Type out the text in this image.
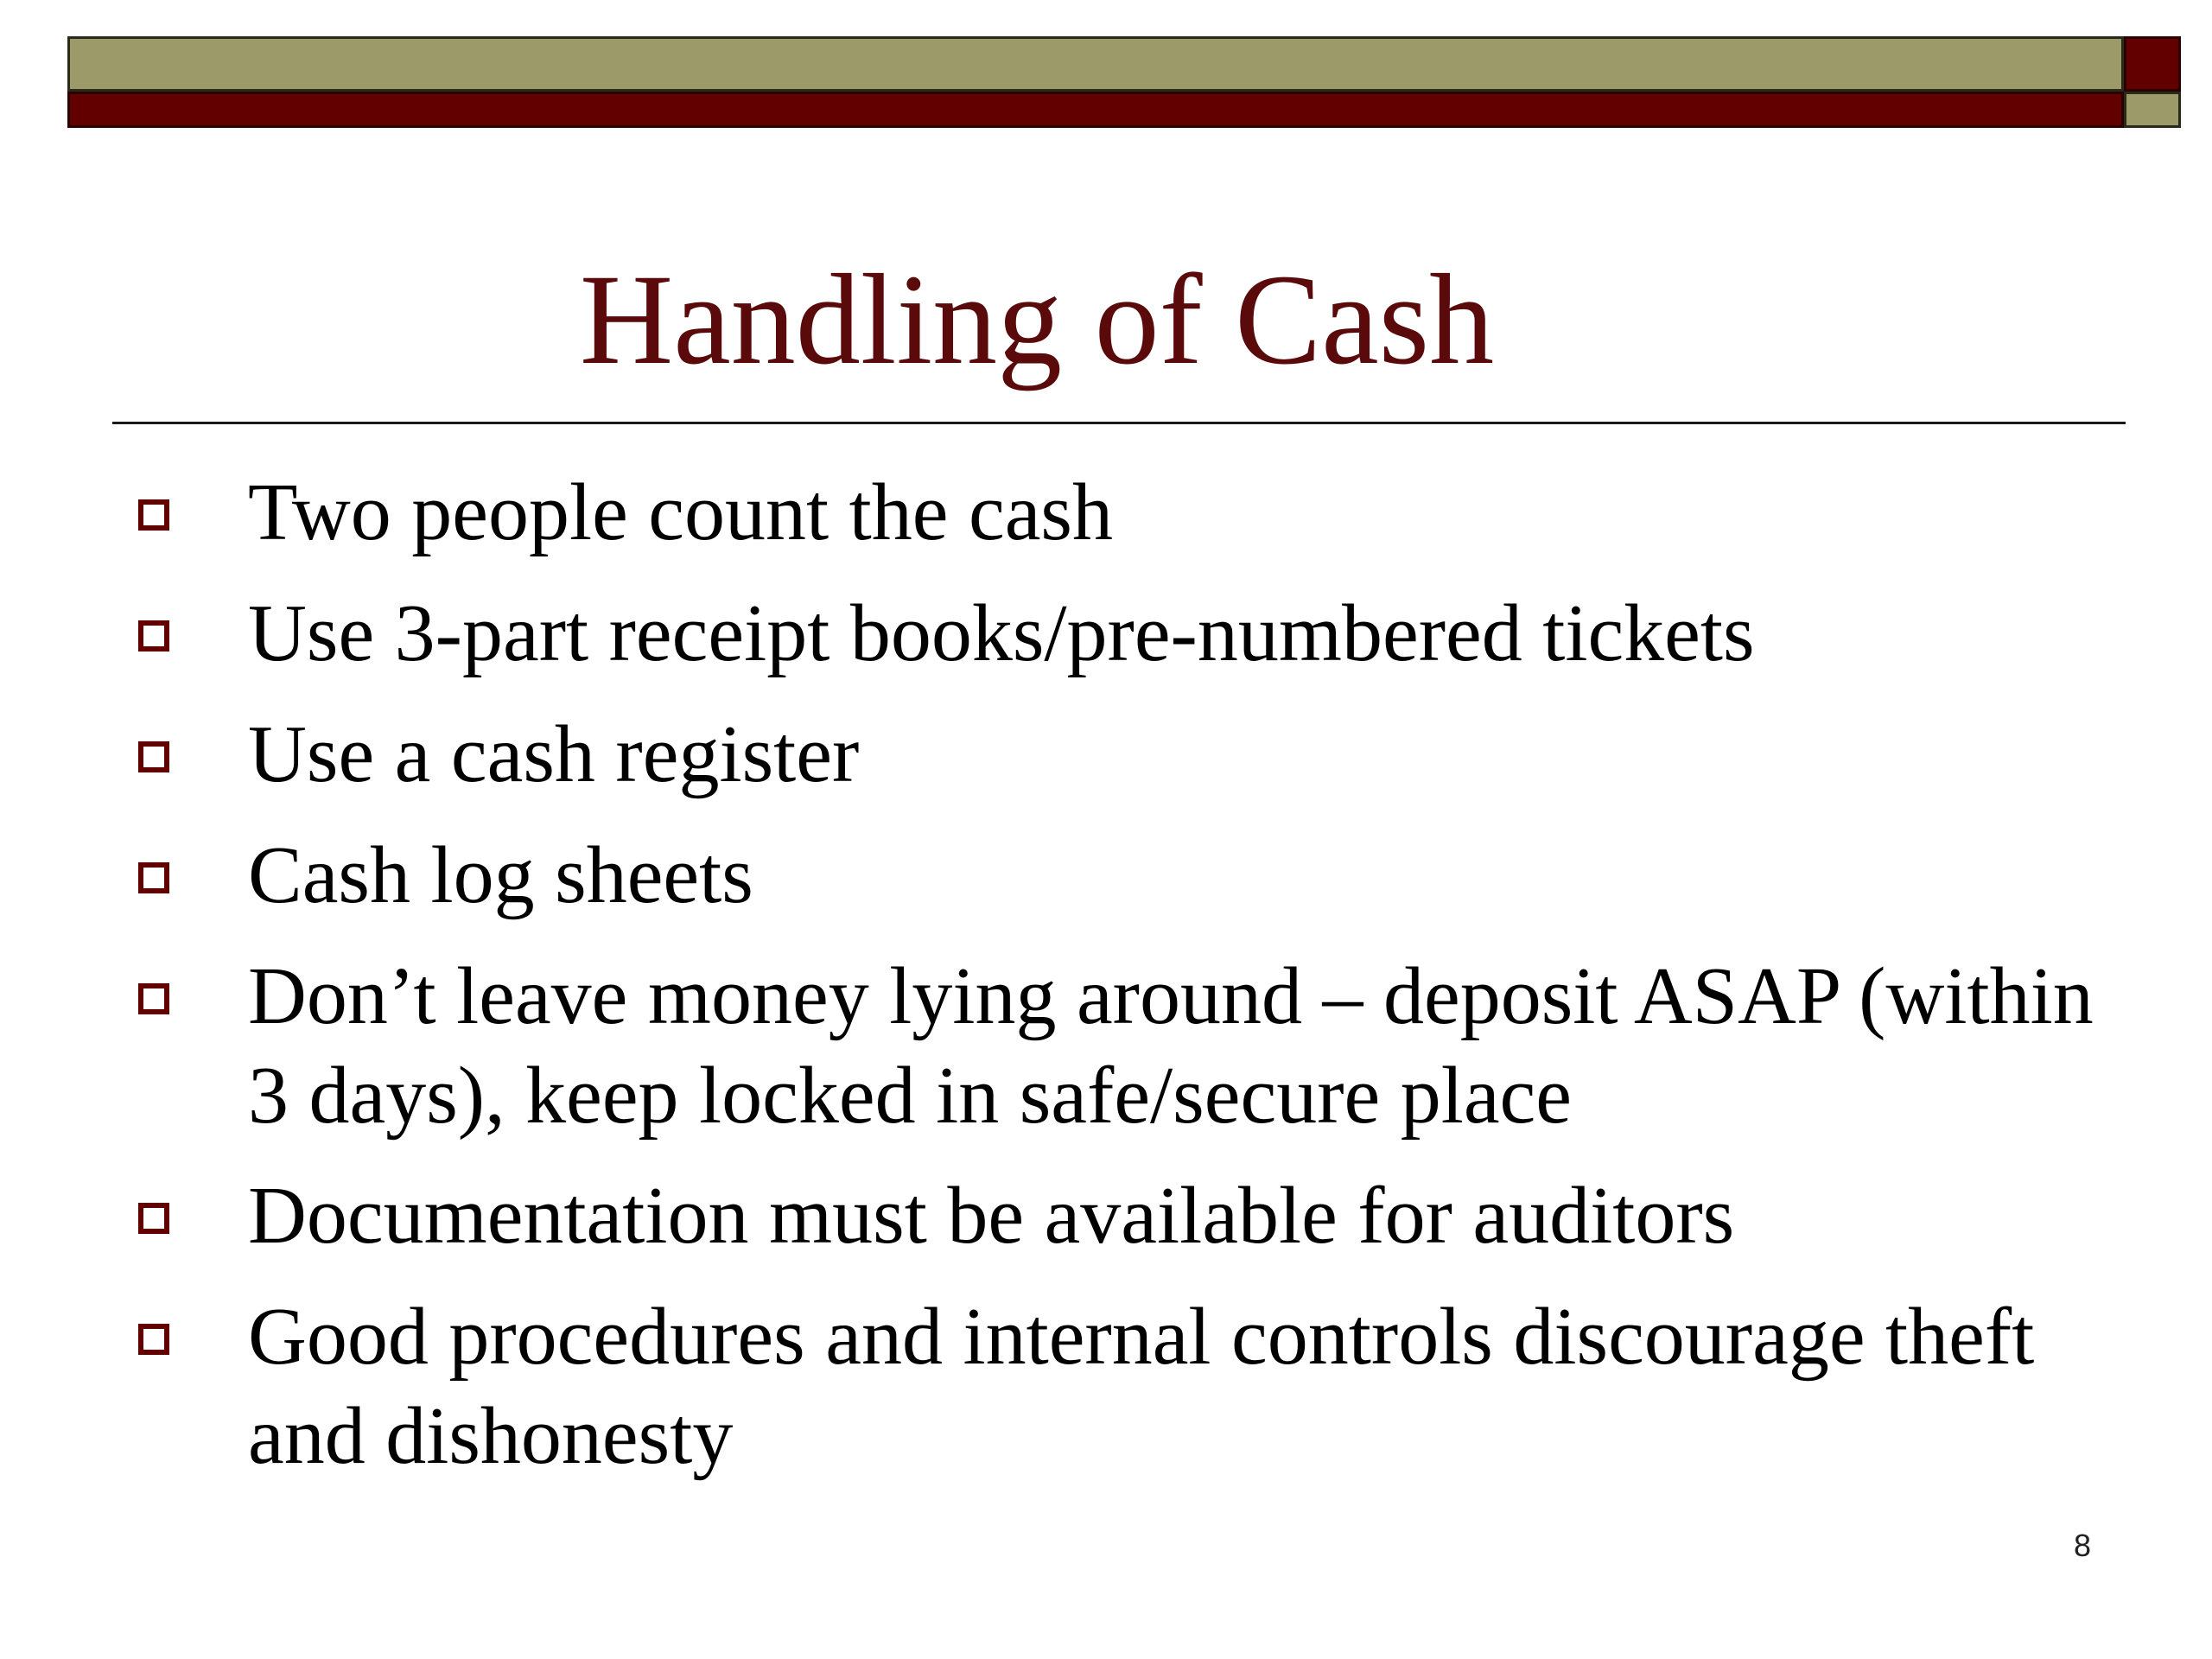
Handling of Cash
Two people count the cash
Use 3-part receipt books/pre-numbered tickets
Use a cash register
Cash log sheets
Don’t leave money lying around – deposit ASAP (within 3 days), keep locked in safe/secure place
Documentation must be available for auditors
Good procedures and internal controls discourage theft and dishonesty
8
